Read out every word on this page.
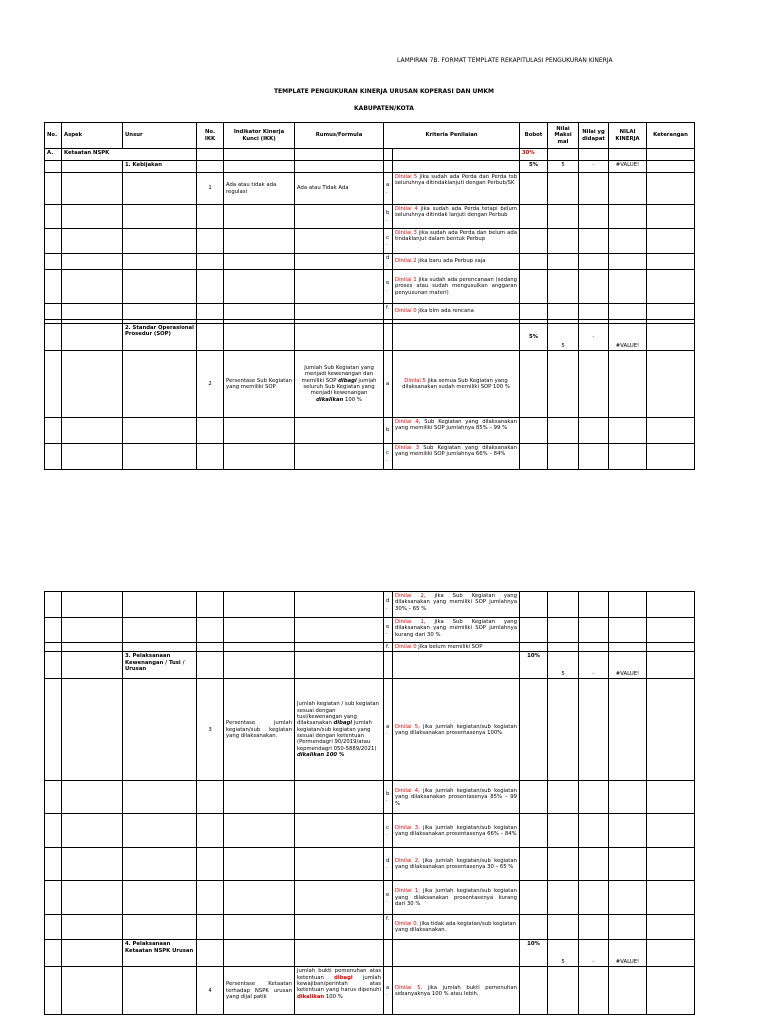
LAMPIRAN 7B. FORMAT TEMPLATE REKAPITULASI PENGUKURAN KINERJA
TEMPLATE PENGUKURAN KINERJA URUSAN KOPERASI DAN UMKM
KABUPATEN/KOTA
No.	Aspek	Unsur	No. IKK	Indikator Kinerja Kunci (IKK)	Rumus/Formula	Kriteria Penilaian		Bobot	Nilai Maksi mal	Nilai yg didapat	NILAI KINERJA	Keterangan
A.	Ketaatan NSPK							30%				
		1. Kebijakan						5%	5	-	#VALUE!	
			1	Ada atau tidak ada regulasi	Ada atau Tidak Ada	a.	Dinilai 5 jika sudah ada Perda dan Perda tsb seluruhnya ditindaklanjuti dengan Perbub/SK					
						b.	Dinilai 4 jika sudah ada Perda tetapi belum seluruhnya ditindak lanjuti dengan Perbub					
						c.	Dinilai 3 jika sudah ada Perda dan belum ada tindaklanjut dalam bentuk Perbup					
						d.	Dinilai 2 jika baru ada Perbup saja					
						e.	Dinilai 1 jika sudah ada perencanaan (sedang proses atau sudah mengusulkan anggaran penyusunan materi)					
						f.	Dinilai 0 jika blm ada rencana					

		2. Standar Operasional Prosedur (SOP)						5%	5	-	#VALUE!	
			2	Persentase Sub Kegiatan yang memiliki SOP	Jumlah Sub Kegiatan yang menjadi kewenangan dan memiliki SOP dibagi jumlah seluruh Sub Kegiatan yang menjadi kewenangan dikalikan 100 %	a	Dinilai 5 jika semua Sub Kegiatan yang dilaksanakan sudah memiliki SOP 100 %					
						b	Dinilai 4, Sub Kegiatan yang dilaksanakan yang memiliki SOP jumlahnya 85% – 99 %					
						c.	Dinilai 3 Sub Kegiatan yang dilaksanakan yang memiliki SOP jumlahnya 66% – 84%					
						d.	Dinilai 2, jika Sub Kegiatan yang dilaksanakan yang memiliki SOP jumlahnya 30% – 65 %					
						e.	Dinilai 1, jika Sub Kegiatan yang dilaksanakan yang memiliki SOP jumlahnya kurang dari 30 %					
						f.	Dinilai 0 jika belum memiliki SOP					
		3. Pelaksanaan Kewenangan / Tusi / Urusan						10%	5	-	#VALUE!	
			3	Persentase jumlah kegiatan/sub kegiatan yang dilaksanakan.	Jumlah kegiatan / sub kegiatan sesuai dengan tusi/kewenangan yang dilaksanakan dibagi jumlah kegiatan/sub kegiatan yang sesuai dengan ketentuan (Permendagri 90/2019/atau kepmendagri 050-5889/2021) dikalikan 100 %	a.	Dinilai 5, jika jumlah kegiatan/sub kegiatan yang dilaksanakan prosentasenya 100%					
						b.	Dinilai 4, jika jumlah kegiatan/sub kegiatan yang dilaksanakan prosentasenya 85% – 99 %					
						c.	Dinilai 3, jika jumlah kegiatan/sub kegiatan yang dilaksanakan prosentasenya 66% – 84%					
						d.	Dinilai 2, jika jumlah kegiatan/sub kegiatan yang dilaksanakan prosentasenya 30 – 65 %					
						e.	Dinilai 1, jika jumlah kegiatan/sub kegiatan yang dilaksanakan prosentasenya kurang dari 30 %					
						f.	Dinilai 0, jika tidak ada kegiatan/sub kegiatan yang dilaksanakan.					
		4. Pelaksanaan Ketaatan NSPK Urusan						10%	5	-	#VALUE!	
			4	Persentase Ketaatan terhadap NSPK urusan yang dijal patik	Jumlah bukti pemenuhan atas ketentuan dibagi jumlah kewajiban/perintah atas ketentuan yang harus dipenuhi dikalikan 100 %	a.	Dinilai 5, jika jumlah bukti pemenuhan sebanyaknya 100 % atau lebih.					
